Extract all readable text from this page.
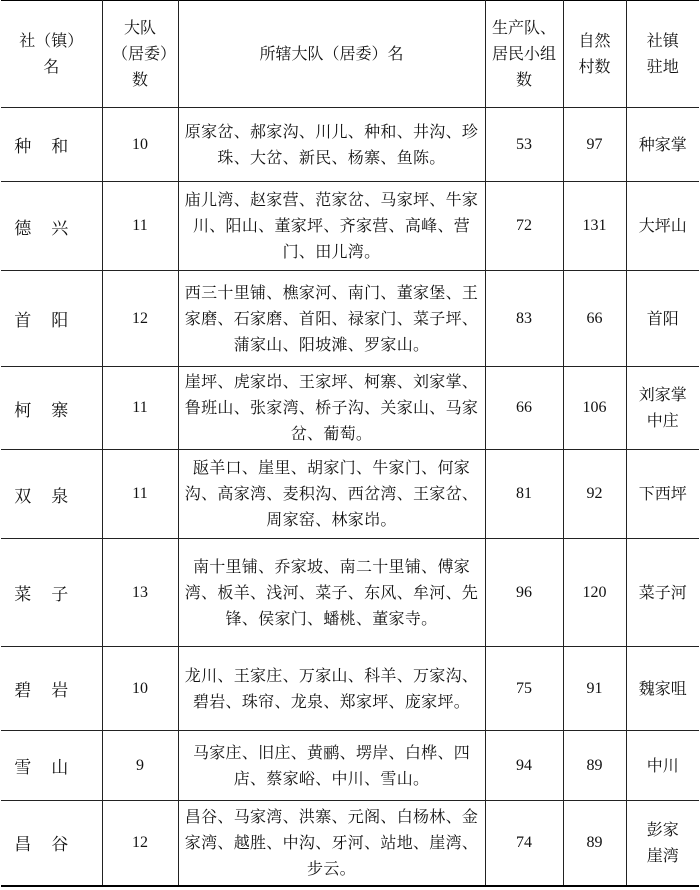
社（镇）名	大队（居委）数	所辖大队（居委）名	生产队、居民小组数	自然村数	社镇驻地

种和	10	原家岔、郝家沟、川儿、种和、井沟、珍珠、大岔、新民、杨寨、鱼陈。	53	97	种家掌
德兴	11	庙儿湾、赵家营、范家岔、马家坪、牛家川、阳山、董家坪、齐家营、高峰、营门、田儿湾。	72	131	大坪山
首阳	12	西三十里铺、樵家河、南门、董家堡、王家磨、石家磨、首阳、禄家门、菜子坪、蒲家山、阳坡滩、罗家山。	83	66	首阳
柯寨	11	崖坪、虎家岇、王家坪、柯寨、刘家掌、鲁班山、张家湾、桥子沟、关家山、马家岔、葡萄。	66	106	刘家掌中庄
双泉	11	瓪羊口、崖里、胡家门、牛家门、何家沟、高家湾、麦积沟、西岔湾、王家岔、周家窑、林家岇。	81	92	下西坪
菜子	13	南十里铺、乔家坡、南二十里铺、傅家湾、板羊、浅河、菜子、东风、牟河、先锋、侯家门、蟠桃、董家寺。	96	120	菜子河
碧岩	10	龙川、王家庄、万家山、科羊、万家沟、碧岩、珠帘、龙泉、郑家坪、庞家坪。	75	91	魏家咀
雪山	9	马家庄、旧庄、黄鹂、塄岸、白桦、四店、蔡家峪、中川、雪山。	94	89	中川
昌谷	12	昌谷、马家湾、洪寨、元阁、白杨林、金家湾、越胜、中沟、牙河、站地、崖湾、步云。	74	89	彭家崖湾
